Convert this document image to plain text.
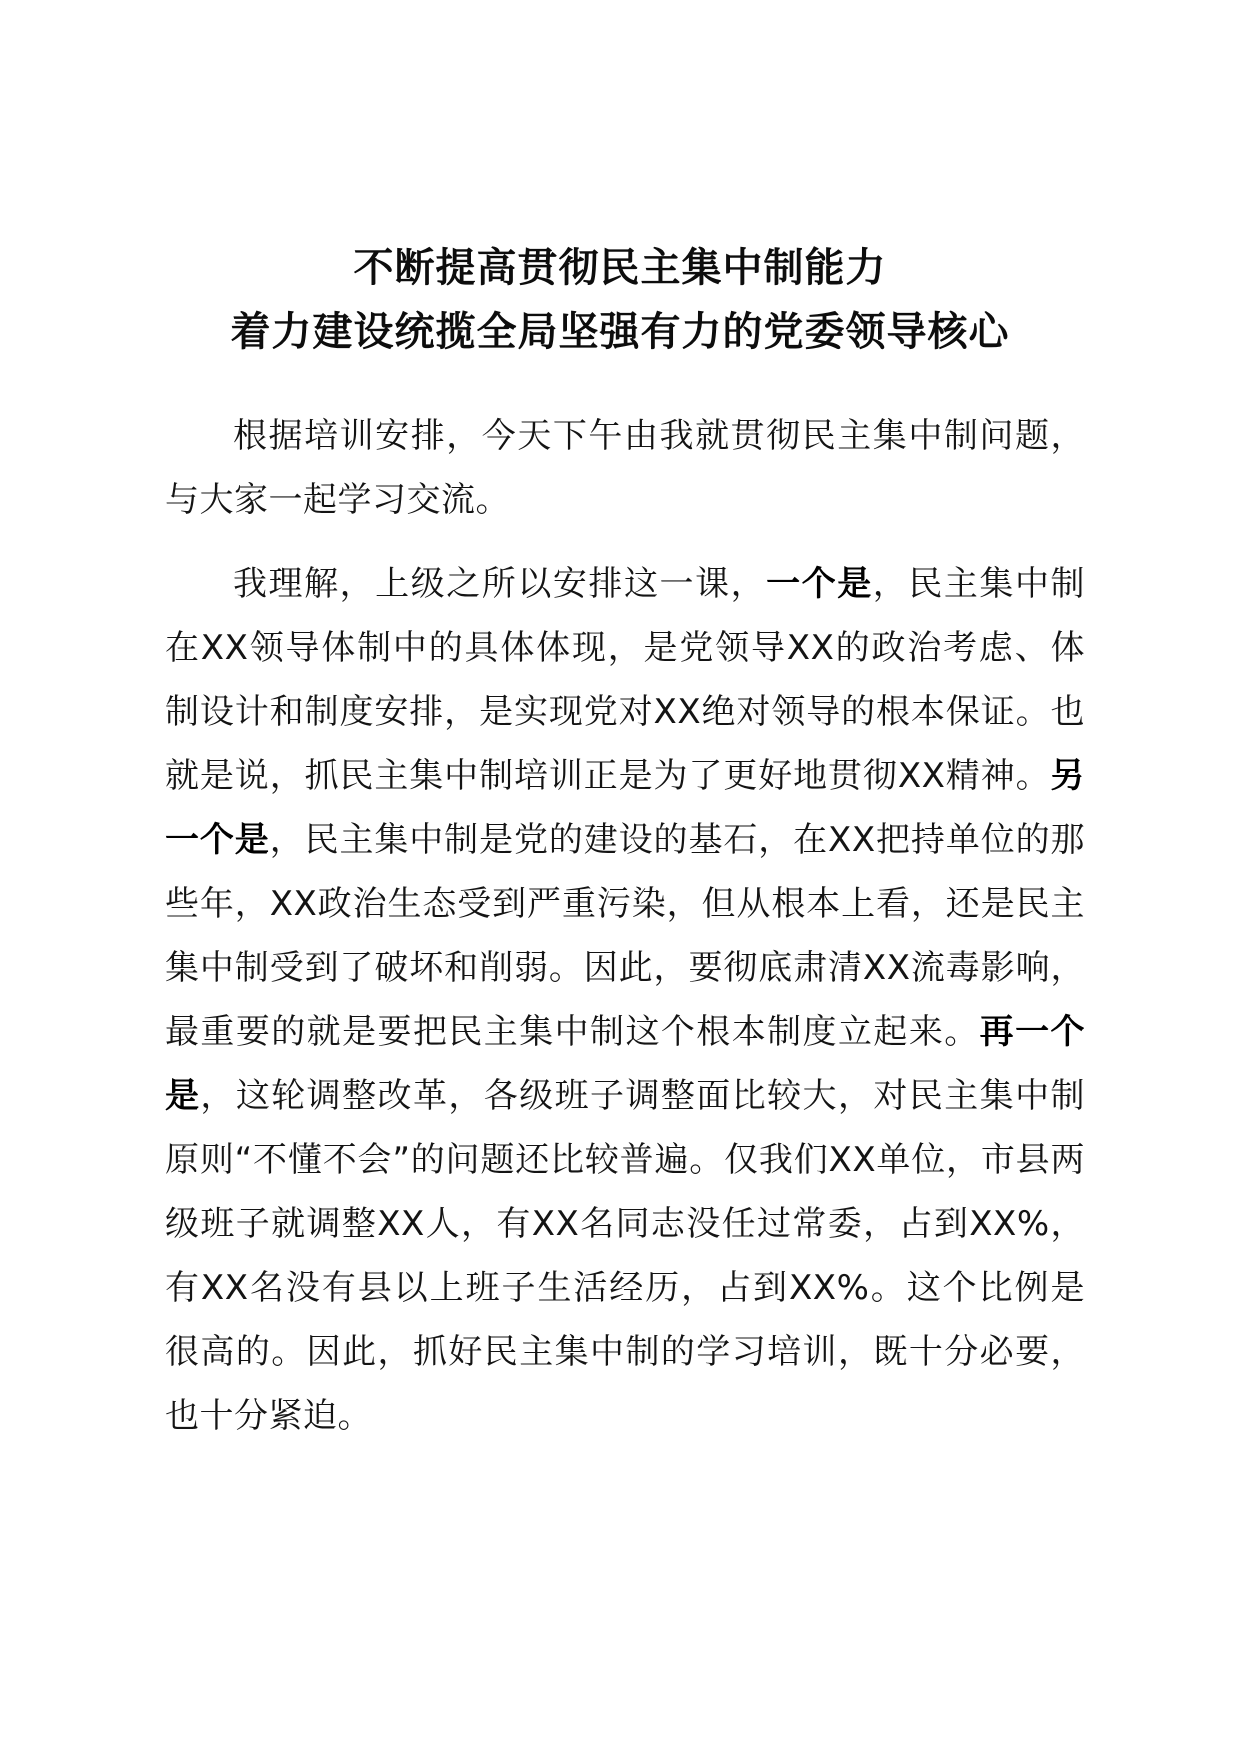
不断提高贯彻民主集中制能力
着力建设统揽全局坚强有力的党委领导核心

根据培训安排，今天下午由我就贯彻民主集中制问题，与大家一起学习交流。

我理解，上级之所以安排这一课，一个是，民主集中制在XX领导体制中的具体体现，是党领导XX的政治考虑、体制设计和制度安排，是实现党对XX绝对领导的根本保证。也就是说，抓民主集中制培训正是为了更好地贯彻XX精神。另一个是，民主集中制是党的建设的基石，在XX把持单位的那些年，XX政治生态受到严重污染，但从根本上看，还是民主集中制受到了破坏和削弱。因此，要彻底肃清XX流毒影响，最重要的就是要把民主集中制这个根本制度立起来。再一个是，这轮调整改革，各级班子调整面比较大，对民主集中制原则“不懂不会”的问题还比较普遍。仅我们XX单位，市县两级班子就调整XX人，有XX名同志没任过常委，占到XX%，有XX名没有县以上班子生活经历，占到XX%。这个比例是很高的。因此，抓好民主集中制的学习培训，既十分必要，也十分紧迫。
